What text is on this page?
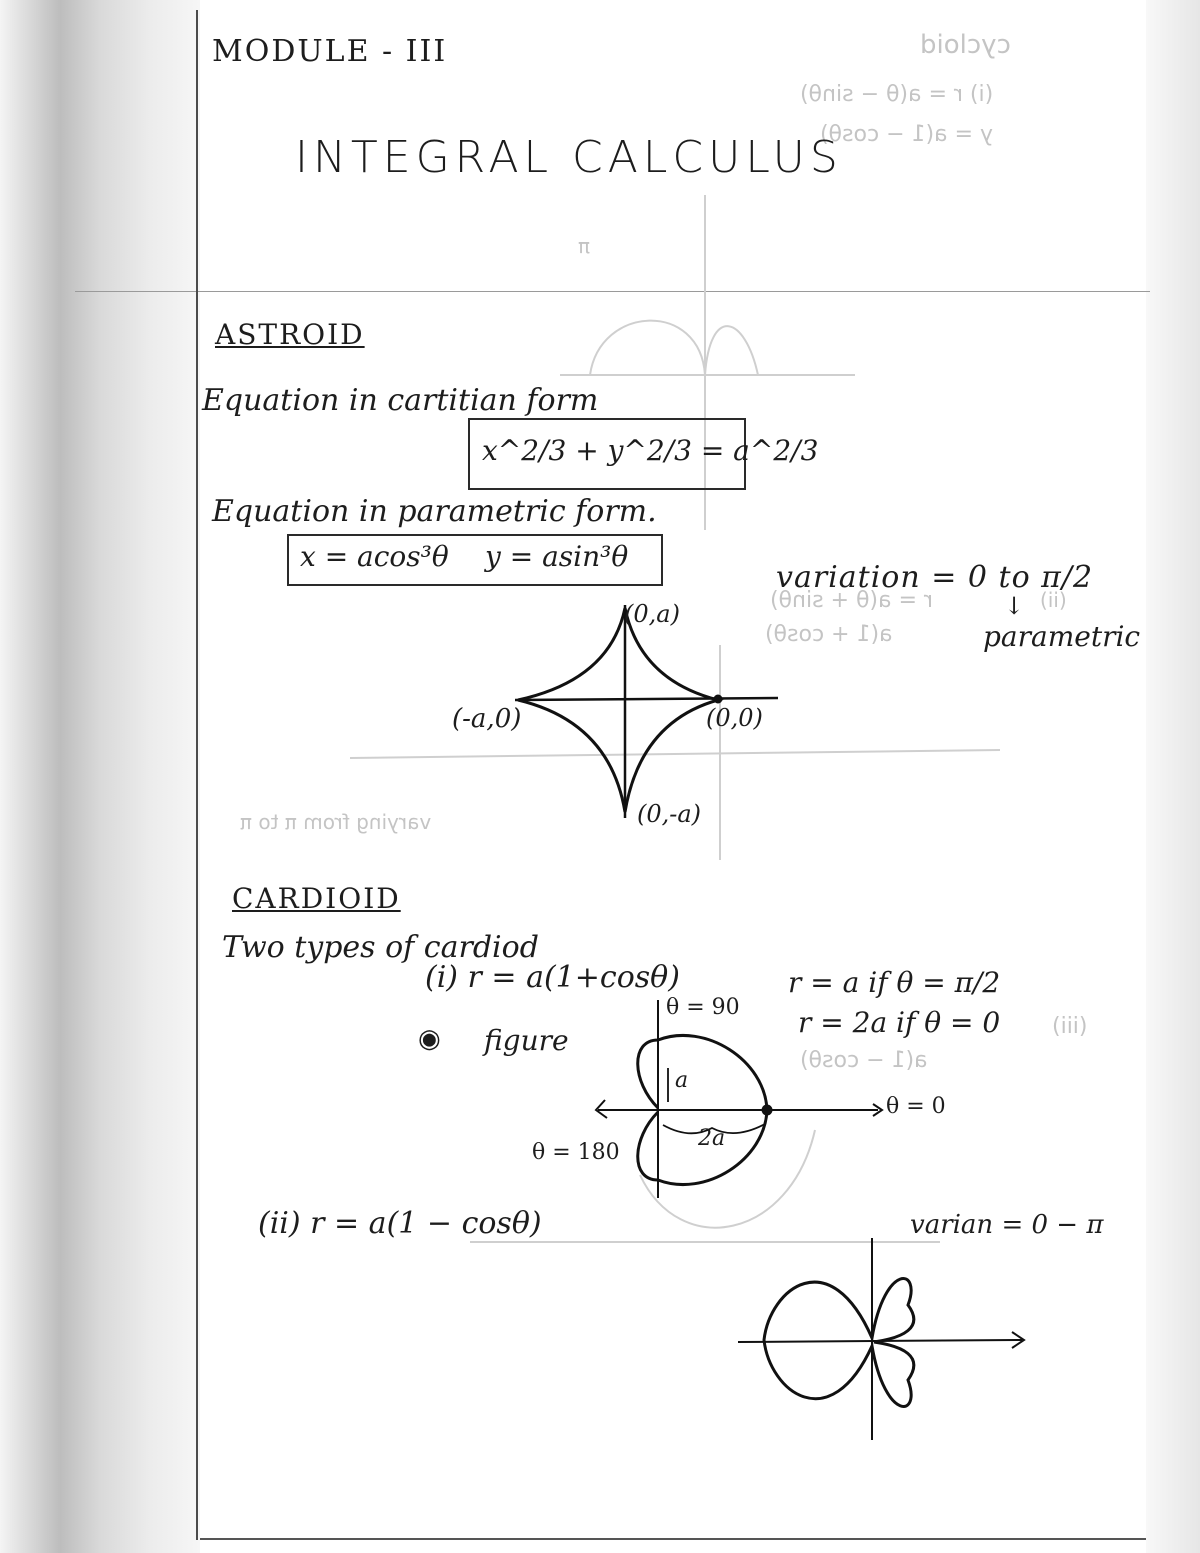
cycloid
(i) r = a(θ − sinθ)
y = a(1 − cosθ)
π
r = a(θ + sinθ)
a(1 + cosθ)
(ii)
varying from π to π
a(1 − cosθ)
(iii)
MODULE - III
INTEGRAL CALCULUS
ASTROID
Equation in cartitian form
x^2/3 + y^2/3 = a^2/3
Equation in parametric form.
x = acos³θ y = asin³θ
variation = 0 to π/2
↓
parametric
(0,a)
(-a,0)	(0,0)
(0,-a)
CARDIOID
Two types of cardiod
(i) r = a(1+cosθ)
◉ figure
r = a if θ = π/2
r = 2a if θ = 0
θ = 90
θ = 0
θ = 180
a
2a
(ii) r = a(1 − cosθ)	varian = 0 − π
